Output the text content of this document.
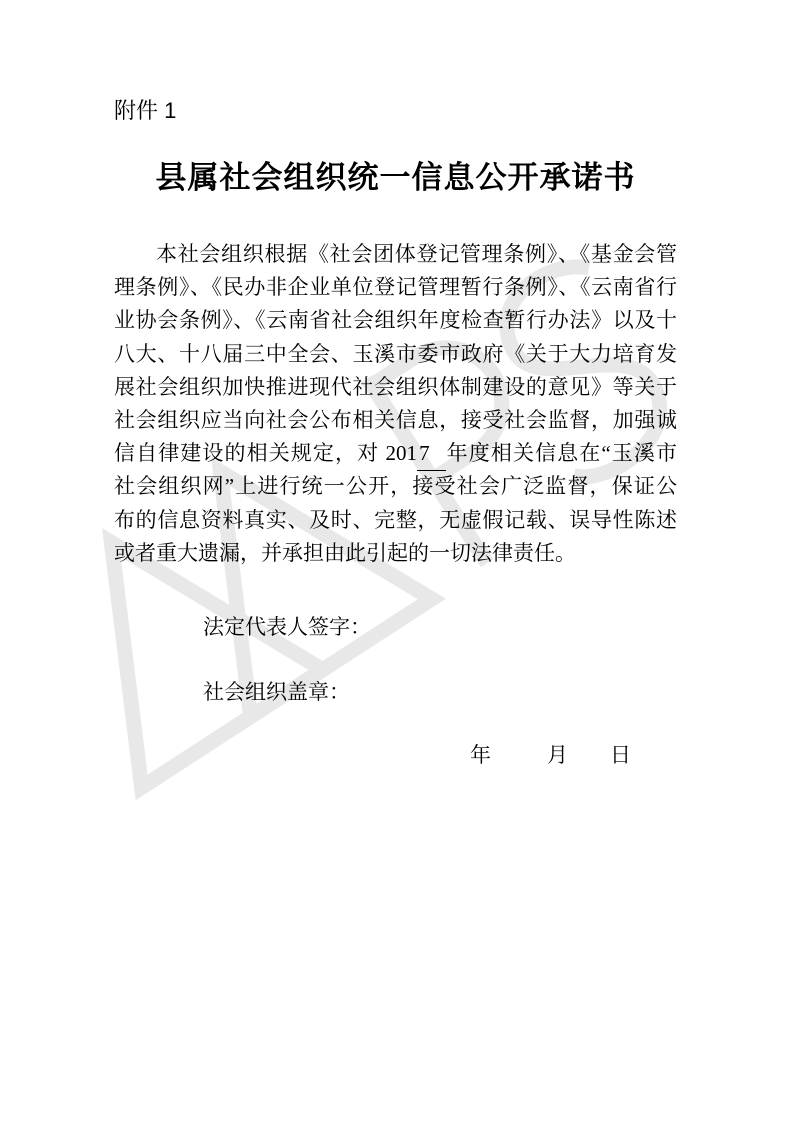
附件 1
县属社会组织统一信息公开承诺书
本社会组织根据《社会团体登记管理条例》、《基金会管
理条例》、《民办非企业单位登记管理暂行条例》、《云南省行
业协会条例》、《云南省社会组织年度检查暂行办法》以及十
八大、十八届三中全会、玉溪市委市政府《关于大力培育发
展社会组织加快推进现代社会组织体制建设的意见》等关于
社会组织应当向社会公布相关信息，接受社会监督，加强诚
信自律建设的相关规定，对 2017 年度相关信息在“玉溪市
社会组织网”上进行统一公开，接受社会广泛监督，保证公
布的信息资料真实、及时、完整，无虚假记载、误导性陈述
或者重大遗漏，并承担由此引起的一切法律责任。
法定代表人签字：
社会组织盖章：
年	月 日
